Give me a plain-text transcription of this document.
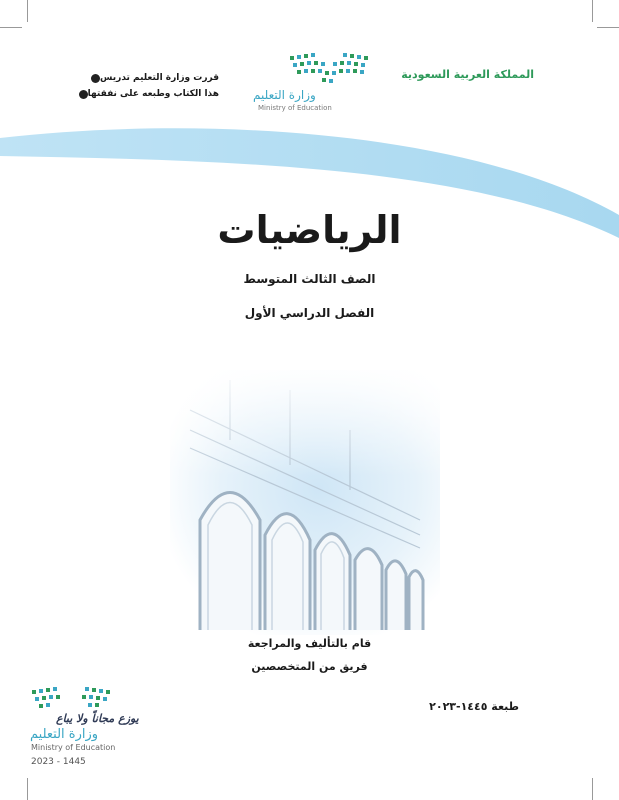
المملكة العربية السعودية
وزارة التعليم
Ministry of Education
قررت وزارة التعليم تدريس
هذا الكتاب وطبعه على نفقتها
الرياضيات
الصف الثالث المتوسط
الفصل الدراسي الأول
قام بالتأليف والمراجعة
فريق من المتخصصين
طبعة ١٤٤٥-٢٠٢٣
يوزع مجاناً ولا يباع
وزارة التعليم
Ministry of Education
2023 - 1445
